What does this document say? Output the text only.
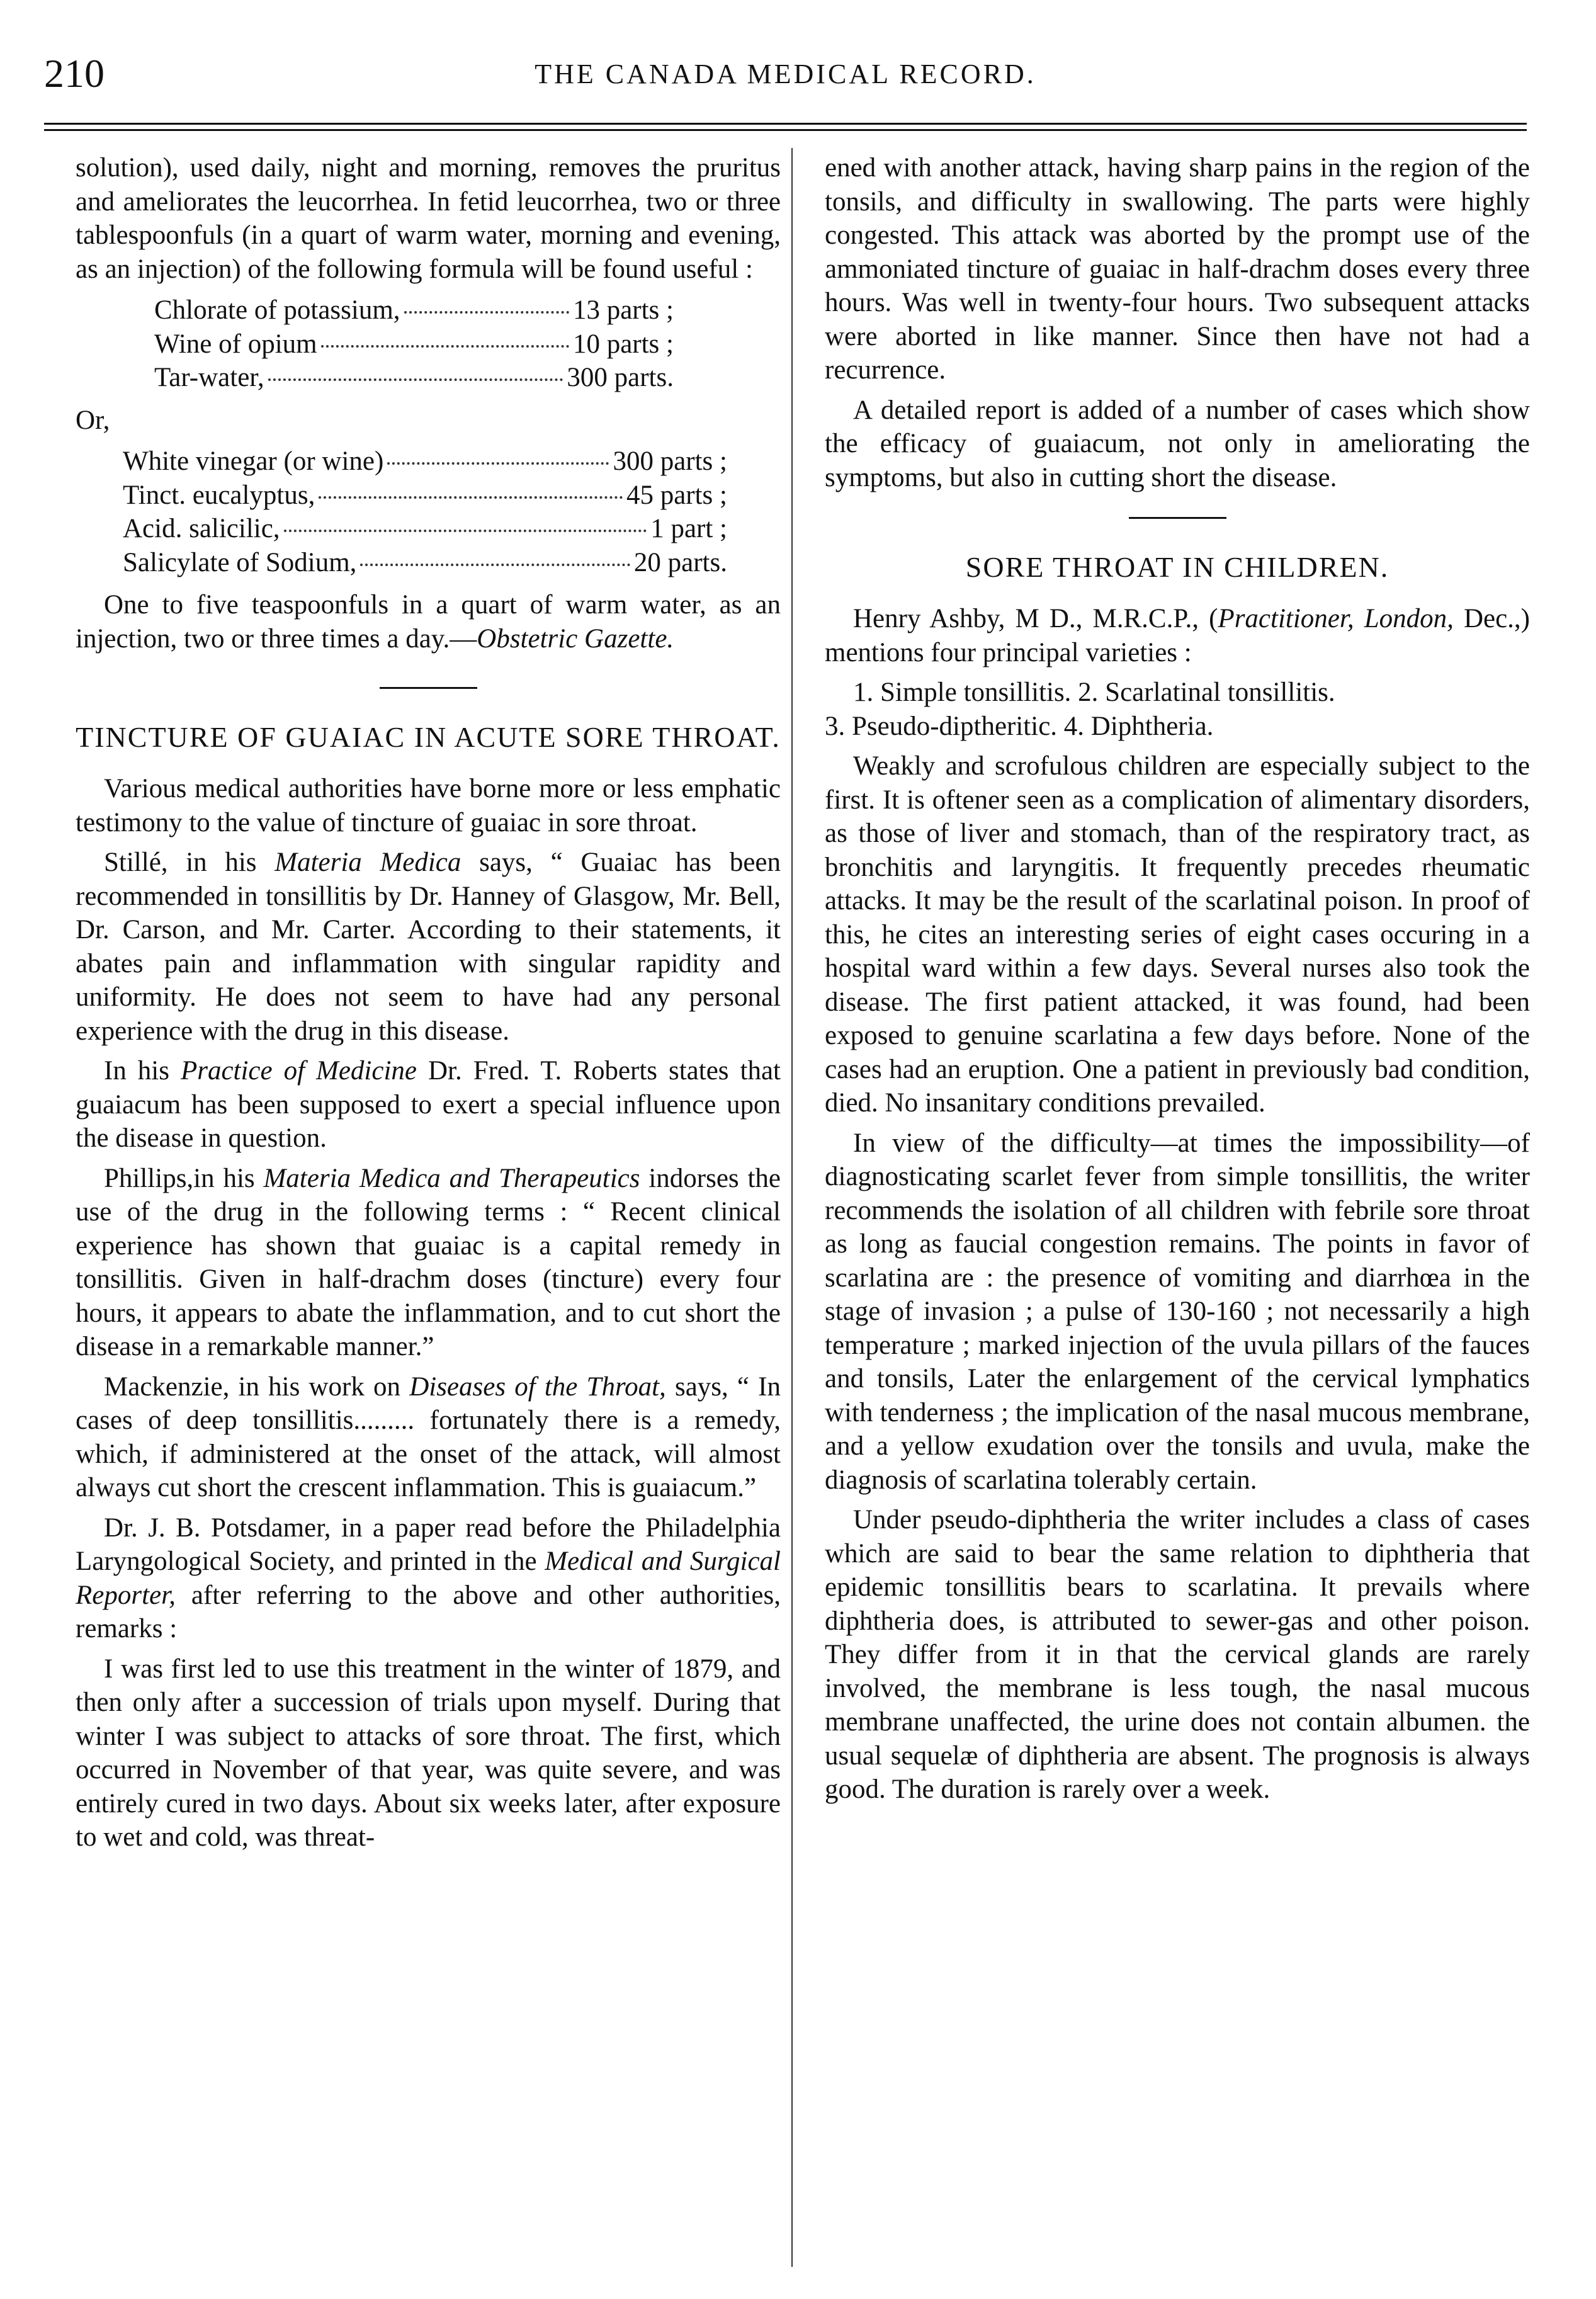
210	THE CANADA MEDICAL RECORD.

solution), used daily, night and morning, removes the pruritus and ameliorates the leucorrhea. In fetid leucorrhea, two or three tablespoonfuls (in a quart of warm water, morning and evening, as an injection) of the following formula will be found useful :

Chlorate of potassium,	13 parts ;
Wine of opium	10 parts ;
Tar-water,	300 parts.
Or,
White vinegar (or wine)	300 parts ;
Tinct. eucalyptus,	45 parts ;
Acid. salicilic,	1 part ;
Salicylate of Sodium,	20 parts.

One to five teaspoonfuls in a quart of warm water, as an injection, two or three times a day.—Obstetric Gazette.

TINCTURE OF GUAIAC IN ACUTE SORE THROAT.

Various medical authorities have borne more or less emphatic testimony to the value of tincture of guaiac in sore throat.

Stillé, in his Materia Medica says, “ Guaiac has been recommended in tonsillitis by Dr. Hanney of Glasgow, Mr. Bell, Dr. Carson, and Mr. Carter. According to their statements, it abates pain and inflammation with singular rapidity and uniformity. He does not seem to have had any personal experience with the drug in this disease.

In his Practice of Medicine Dr. Fred. T. Roberts states that guaiacum has been supposed to exert a special influence upon the disease in question.

Phillips,in his Materia Medica and Therapeutics indorses the use of the drug in the following terms : “ Recent clinical experience has shown that guaiac is a capital remedy in tonsillitis. Given in half-drachm doses (tincture) every four hours, it appears to abate the inflammation, and to cut short the disease in a remarkable manner.”

Mackenzie, in his work on Diseases of the Throat, says, “ In cases of deep tonsillitis......... fortunately there is a remedy, which, if administered at the onset of the attack, will almost always cut short the crescent inflammation. This is guaiacum.”

Dr. J. B. Potsdamer, in a paper read before the Philadelphia Laryngological Society, and printed in the Medical and Surgical Reporter, after referring to the above and other authorities, remarks :

I was first led to use this treatment in the winter of 1879, and then only after a succession of trials upon myself. During that winter I was subject to attacks of sore throat. The first, which occurred in November of that year, was quite severe, and was entirely cured in two days. About six weeks later, after exposure to wet and cold, was threat-

ened with another attack, having sharp pains in the region of the tonsils, and difficulty in swallowing. The parts were highly congested. This attack was aborted by the prompt use of the ammoniated tincture of guaiac in half-drachm doses every three hours. Was well in twenty-four hours. Two subsequent attacks were aborted in like manner. Since then have not had a recurrence.

A detailed report is added of a number of cases which show the efficacy of guaiacum, not only in ameliorating the symptoms, but also in cutting short the disease.

SORE THROAT IN CHILDREN.

Henry Ashby, M D., M.R.C.P., (Practitioner, London, Dec.,) mentions four principal varieties :

1. Simple tonsillitis. 2. Scarlatinal tonsillitis.
3. Pseudo-diptheritic. 4. Diphtheria.

Weakly and scrofulous children are especially subject to the first. It is oftener seen as a complication of alimentary disorders, as those of liver and stomach, than of the respiratory tract, as bronchitis and laryngitis. It frequently precedes rheumatic attacks. It may be the result of the scarlatinal poison. In proof of this, he cites an interesting series of eight cases occuring in a hospital ward within a few days. Several nurses also took the disease. The first patient attacked, it was found, had been exposed to genuine scarlatina a few days before. None of the cases had an eruption. One a patient in previously bad condition, died. No insanitary conditions prevailed.

In view of the difficulty—at times the impossibility—of diagnosticating scarlet fever from simple tonsillitis, the writer recommends the isolation of all children with febrile sore throat as long as faucial congestion remains. The points in favor of scarlatina are : the presence of vomiting and diarrhœa in the stage of invasion ; a pulse of 130-160 ; not necessarily a high temperature ; marked injection of the uvula pillars of the fauces and tonsils, Later the enlargement of the cervical lymphatics with tenderness ; the implication of the nasal mucous membrane, and a yellow exudation over the tonsils and uvula, make the diagnosis of scarlatina tolerably certain.

Under pseudo-diphtheria the writer includes a class of cases which are said to bear the same relation to diphtheria that epidemic tonsillitis bears to scarlatina. It prevails where diphtheria does, is attributed to sewer-gas and other poison. They differ from it in that the cervical glands are rarely involved, the membrane is less tough, the nasal mucous membrane unaffected, the urine does not contain albumen. the usual sequelæ of diphtheria are absent. The prognosis is always good. The duration is rarely over a week.
